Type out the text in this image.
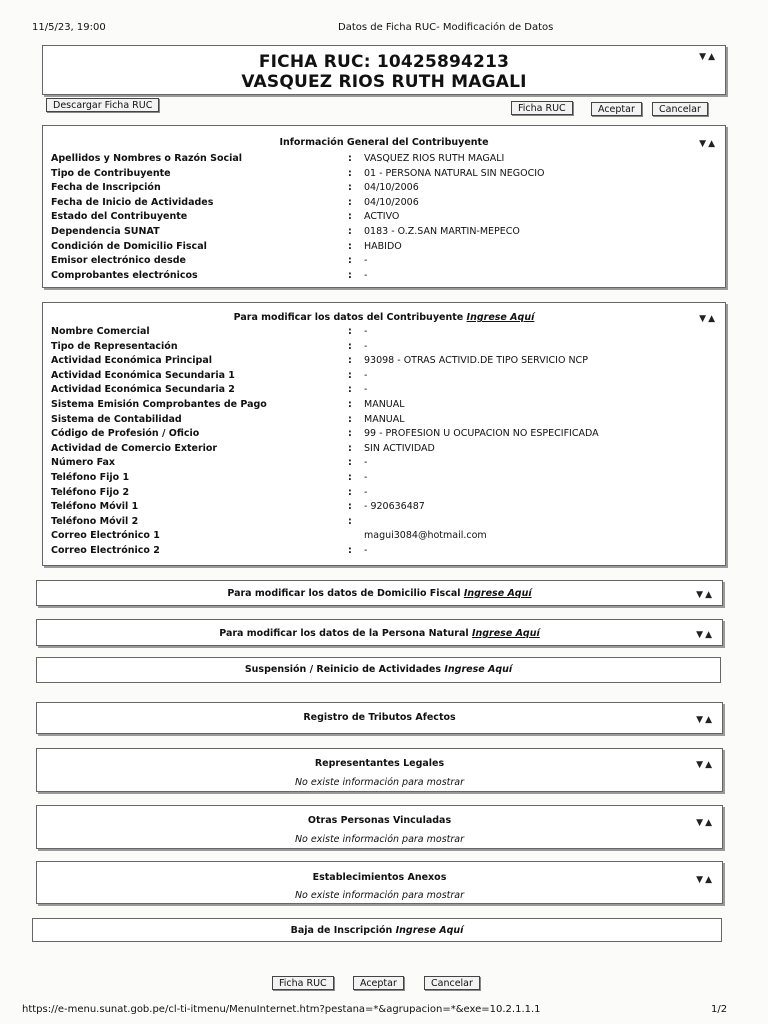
11/5/23, 19:00	Datos de Ficha RUC- Modificación de Datos
FICHA RUC: 10425894213
VASQUEZ RIOS RUTH MAGALI
▼▲
Descargar Ficha RUC	Ficha RUC	Aceptar	Cancelar
Información General del Contribuyente	▼▲
Apellidos y Nombres o Razón Social	: VASQUEZ RIOS RUTH MAGALI
Tipo de Contribuyente	: 01 - PERSONA NATURAL SIN NEGOCIO
Fecha de Inscripción	: 04/10/2006
Fecha de Inicio de Actividades	: 04/10/2006
Estado del Contribuyente	: ACTIVO
Dependencia SUNAT	: 0183 - O.Z.SAN MARTIN-MEPECO
Condición de Domicilio Fiscal	: HABIDO
Emisor electrónico desde	: -
Comprobantes electrónicos	: -
Para modificar los datos del Contribuyente Ingrese Aquí	▼▲
Nombre Comercial	: -
Tipo de Representación	: -
Actividad Económica Principal	: 93098 - OTRAS ACTIVID.DE TIPO SERVICIO NCP
Actividad Económica Secundaria 1	: -
Actividad Económica Secundaria 2	: -
Sistema Emisión Comprobantes de Pago	: MANUAL
Sistema de Contabilidad	: MANUAL
Código de Profesión / Oficio	: 99 - PROFESION U OCUPACION NO ESPECIFICADA
Actividad de Comercio Exterior	: SIN ACTIVIDAD
Número Fax	: -
Teléfono Fijo 1	: -
Teléfono Fijo 2	: -
Teléfono Móvil 1	: - 920636487
Teléfono Móvil 2	:
Correo Electrónico 1	magui3084@hotmail.com
Correo Electrónico 2	: -
Para modificar los datos de Domicilio Fiscal Ingrese Aquí	▼▲
Para modificar los datos de la Persona Natural Ingrese Aquí	▼▲
Suspensión / Reinicio de Actividades Ingrese Aquí
Registro de Tributos Afectos	▼▲
Representantes Legales	▼▲
No existe información para mostrar
Otras Personas Vinculadas	▼▲
No existe información para mostrar
Establecimientos Anexos	▼▲
No existe información para mostrar
Baja de Inscripción Ingrese Aquí
Ficha RUC	Aceptar	Cancelar
https://e-menu.sunat.gob.pe/cl-ti-itmenu/MenuInternet.htm?pestana=*&agrupacion=*&exe=10.2.1.1.1	1/2
